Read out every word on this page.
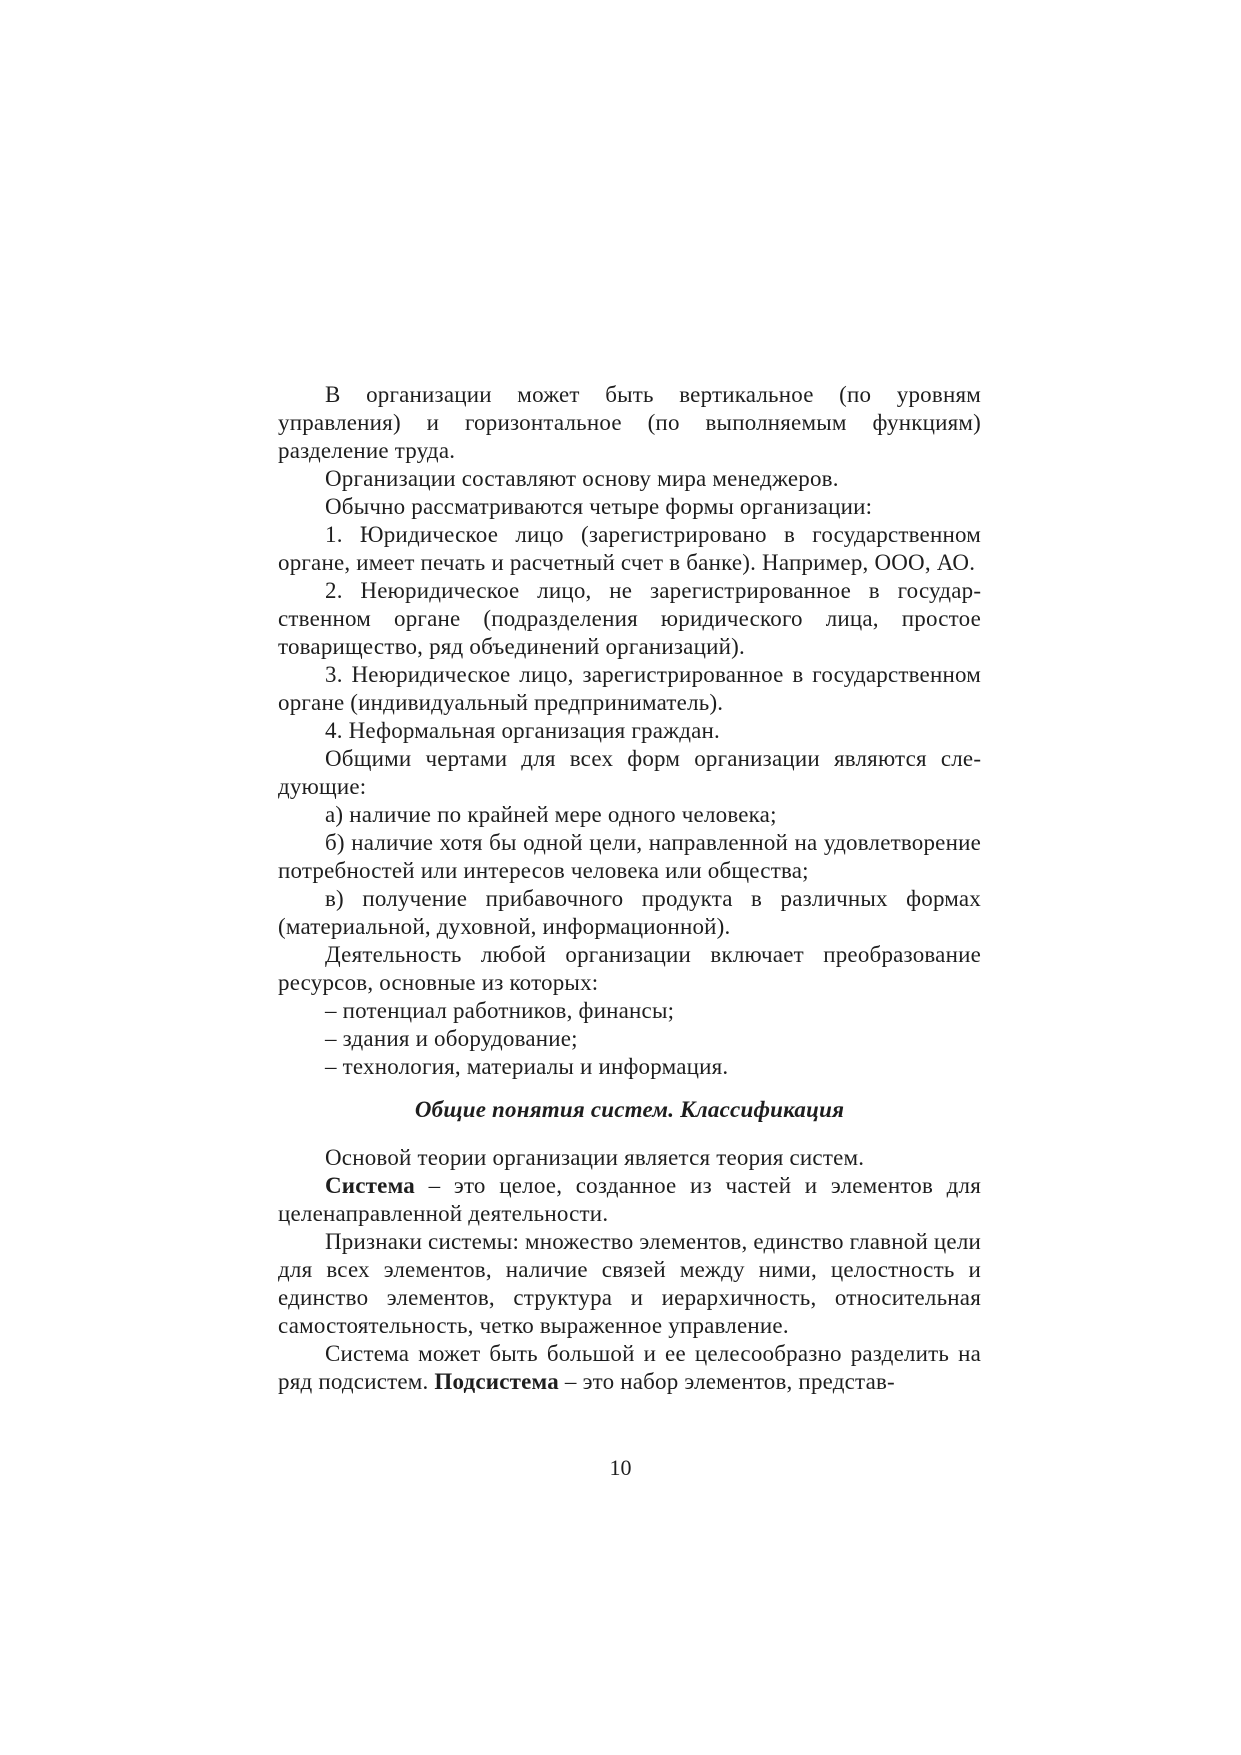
В организации может быть вертикальное (по уровням управления) и горизонтальное (по выполняемым функциям) разделение труда.

Организации составляют основу мира менеджеров.

Обычно рассматриваются четыре формы организации:

1. Юридическое лицо (зарегистрировано в государственном органе, имеет печать и расчетный счет в банке). Например, ООО, АО.

2. Неюридическое лицо, не зарегистрированное в государственном органе (подразделения юридического лица, простое товарищество, ряд объединений организаций).

3. Неюридическое лицо, зарегистрированное в государственном органе (индивидуальный предприниматель).

4. Неформальная организация граждан.

Общими чертами для всех форм организации являются следующие:

а) наличие по крайней мере одного человека;

б) наличие хотя бы одной цели, направленной на удовлетворение потребностей или интересов человека или общества;

в) получение прибавочного продукта в различных формах (материальной, духовной, информационной).

Деятельность любой организации включает преобразование ресурсов, основные из которых:

– потенциал работников, финансы;

– здания и оборудование;

– технология, материалы и информация.

Общие понятия систем. Классификация

Основой теории организации является теория систем.

Система – это целое, созданное из частей и элементов для целенаправленной деятельности.

Признаки системы: множество элементов, единство главной цели для всех элементов, наличие связей между ними, целостность и единство элементов, структура и иерархичность, относительная самостоятельность, четко выраженное управление.

Система может быть большой и ее целесообразно разделить на ряд подсистем. Подсистема – это набор элементов, представ-

10
